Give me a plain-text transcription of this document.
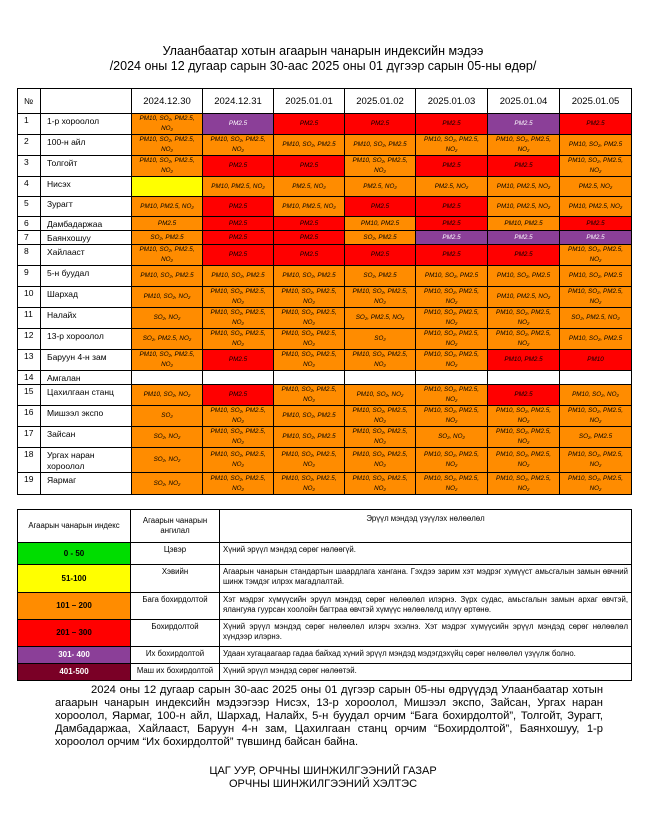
Улаанбаатар хотын агаарын чанарын индексийн мэдээ
/2024 оны 12 дугаар сарын 30-аас 2025 оны 01 дүгээр сарын 05-ны өдөр/
№		2024.12.30	2024.12.31	2025.01.01	2025.01.02	2025.01.03	2025.01.04	2025.01.05
1	1-р хороолол	PM10, SO₂, PM2.5, NO₂	PM2.5	PM2.5	PM2.5	PM2.5	PM2.5	PM2.5
2	100-н айл	PM10, SO₂, PM2.5, NO₂	PM10, SO₂, PM2.5, NO₂	PM10, SO₂, PM2.5	PM10, SO₂, PM2.5	PM10, SO₂, PM2.5, NO₂	PM10, SO₂, PM2.5, NO₂	PM10, SO₂, PM2.5
3	Толгойт	PM10, SO₂, PM2.5, NO₂	PM2.5	PM2.5	PM10, SO₂, PM2.5, NO₂	PM2.5	PM2.5	PM10, SO₂, PM2.5, NO₂
4	Нисэх		PM10, PM2.5, NO₂	PM2.5, NO₂	PM2.5, NO₂	PM2.5, NO₂	PM10, PM2.5, NO₂	PM2.5, NO₂
5	Зурагт	PM10, PM2.5, NO₂	PM2.5	PM10, PM2.5, NO₂	PM2.5	PM2.5	PM10, PM2.5, NO₂	PM10, PM2.5, NO₂
6	Дамбадаржаа	PM2.5	PM2.5	PM2.5	PM10, PM2.5	PM2.5	PM10, PM2.5	PM2.5
7	Баянхошуу	SO₂, PM2.5	PM2.5	PM2.5	SO₂, PM2.5	PM2.5	PM2.5	PM2.5
8	Хайлааст	PM10, SO₂, PM2.5, NO₂	PM2.5	PM2.5	PM2.5	PM2.5	PM2.5	PM10, SO₂, PM2.5, NO₂
9	5-н буудал	PM10, SO₂, PM2.5	PM10, SO₂, PM2.5	PM10, SO₂, PM2.5	SO₂, PM2.5	PM10, SO₂, PM2.5	PM10, SO₂, PM2.5	PM10, SO₂, PM2.5
10	Шархад	PM10, SO₂, NO₂	PM10, SO₂, PM2.5, NO₂	PM10, SO₂, PM2.5, NO₂	PM10, SO₂, PM2.5, NO₂	PM10, SO₂, PM2.5, NO₂	PM10, PM2.5, NO₂	PM10, SO₂, PM2.5, NO₂
11	Налайх	SO₂, NO₂	PM10, SO₂, PM2.5, NO₂	PM10, SO₂, PM2.5, NO₂	SO₂, PM2.5, NO₂	PM10, SO₂, PM2.5, NO₂	PM10, SO₂, PM2.5, NO₂	SO₂, PM2.5, NO₂
12	13-р хороолол	SO₂, PM2.5, NO₂	PM10, SO₂, PM2.5, NO₂	PM10, SO₂, PM2.5, NO₂	SO₂	PM10, SO₂, PM2.5, NO₂	PM10, SO₂, PM2.5, NO₂	PM10, SO₂, PM2.5
13	Баруун 4-н зам	PM10, SO₂, PM2.5, NO₂	PM2.5	PM10, SO₂, PM2.5, NO₂	PM10, SO₂, PM2.5, NO₂	PM10, SO₂, PM2.5, NO₂	PM10, PM2.5	PM10
14	Амгалан							
15	Цахилгаан станц	PM10, SO₂, NO₂	PM2.5	PM10, SO₂, PM2.5, NO₂	PM10, SO₂, NO₂	PM10, SO₂, PM2.5, NO₂	PM2.5	PM10, SO₂, NO₂
16	Мишээл экспо	SO₂	PM10, SO₂, PM2.5, NO₂	PM10, SO₂, PM2.5	PM10, SO₂, PM2.5, NO₂	PM10, SO₂, PM2.5, NO₂	PM10, SO₂, PM2.5, NO₂	PM10, SO₂, PM2.5, NO₂
17	Зайсан	SO₂, NO₂	PM10, SO₂, PM2.5, NO₂	PM10, SO₂, PM2.5	PM10, SO₂, PM2.5, NO₂	SO₂, NO₂	PM10, SO₂, PM2.5, NO₂	SO₂, PM2.5
18	Ургах наран хороолол	SO₂, NO₂	PM10, SO₂, PM2.5, NO₂	PM10, SO₂, PM2.5, NO₂	PM10, SO₂, PM2.5, NO₂	PM10, SO₂, PM2.5, NO₂	PM10, SO₂, PM2.5, NO₂	PM10, SO₂, PM2.5, NO₂
19	Яармаг	SO₂, NO₂	PM10, SO₂, PM2.5, NO₂	PM10, SO₂, PM2.5, NO₂	PM10, SO₂, PM2.5, NO₂	PM10, SO₂, PM2.5, NO₂	PM10, SO₂, PM2.5, NO₂	PM10, SO₂, PM2.5, NO₂
Агаарын чанарын индекс	Агаарын чанарын ангилал	Эрүүл мэндэд үзүүлэх нөлөөлөл
0 - 50	Цэвэр	Хүний эрүүл мэндэд сөрөг нөлөөгүй.
51-100	Хэвийн	Агаарын чанарын стандартын шаардлага хангана. Гэхдээ зарим хэт мэдрэг хүмүүст амьсгалын замын өвчний шинж тэмдэг илрэх магадлалтай.
101 – 200	Бага бохирдолтой	Хэт мэдрэг хүмүүсийн эрүүл мэндэд сөрөг нөлөөлөл илэрнэ. Зүрх судас, амьсгалын замын архаг өвчтэй, ялангуяа гуурсан хоолойн багтраа өвчтэй хүмүүс нөлөөлөлд илүү өртөнө.
201 – 300	Бохирдолтой	Хүний эрүүл мэндэд сөрөг нөлөөлөл илэрч эхэлнэ. Хэт мэдрэг хүмүүсийн эрүүл мэндэд сөрөг нөлөөлөл хүндээр илэрнэ.
301- 400	Их бохирдолтой	Удаан хугацаагаар гадаа байхад хүний эрүүл мэндэд мэдэгдэхүйц сөрөг нөлөөлөл үзүүлж болно.
401-500	Маш их бохирдолтой	Хүний эрүүл мэндэд сөрөг нөлөөтэй.
2024 оны 12 дугаар сарын 30-аас 2025 оны 01 дүгээр сарын 05-ны өдрүүдэд Улаанбаатар хотын агаарын чанарын индексийн мэдээгээр Нисэх, 13-р хороолол, Мишээл экспо, Зайсан, Ургах наран хороолол, Яармаг, 100-н айл, Шархад, Налайх, 5-н буудал орчим “Бага бохирдолтой”, Толгойт, Зурагт, Дамбадаржаа, Хайлааст, Баруун 4-н зам, Цахилгаан станц орчим “Бохирдолтой”, Баянхошуу, 1-р хороолол орчим “Их бохирдолтой” түвшинд байсан байна.
ЦАГ УУР, ОРЧНЫ ШИНЖИЛГЭЭНИЙ ГАЗАР
ОРЧНЫ ШИНЖИЛГЭЭНИЙ ХЭЛТЭС
